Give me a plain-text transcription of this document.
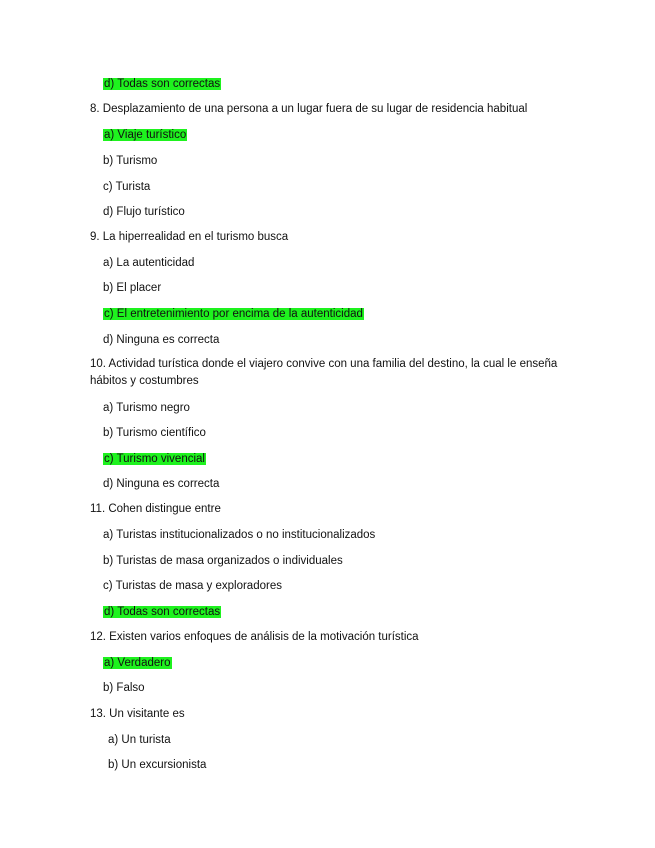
d) Todas son correctas
8. Desplazamiento de una persona a un lugar fuera de su lugar de residencia habitual
a) Viaje turístico
b) Turismo
c) Turista
d) Flujo turístico
9. La hiperrealidad en el turismo busca
a) La autenticidad
b) El placer
c) El entretenimiento por encima de la autenticidad
d) Ninguna es correcta
10. Actividad turística donde el viajero convive con una familia del destino, la cual le enseña hábitos y costumbres
a) Turismo negro
b) Turismo científico
c) Turismo vivencial
d) Ninguna es correcta
11. Cohen distingue entre
a) Turistas institucionalizados o no institucionalizados
b) Turistas de masa organizados o individuales
c) Turistas de masa y exploradores
d) Todas son correctas
12. Existen varios enfoques de análisis de la motivación turística
a) Verdadero
b) Falso
13. Un visitante es
a) Un turista
b) Un excursionista
